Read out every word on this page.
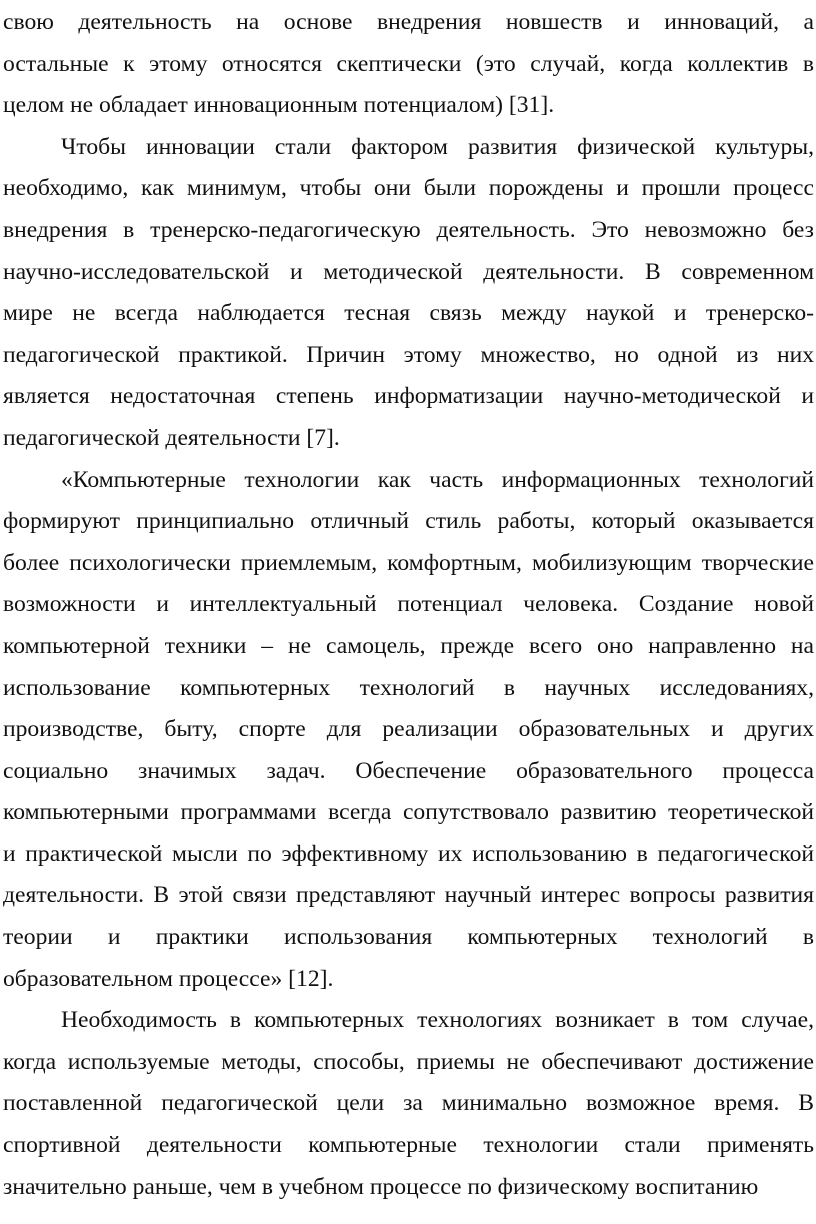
свою деятельность на основе внедрения новшеств и инноваций, а
остальные к этому относятся скептически (это случай, когда коллектив в
целом не обладает инновационным потенциалом) [31].
Чтобы инновации стали фактором развития физической культуры,
необходимо, как минимум, чтобы они были порождены и прошли процесс
внедрения в тренерско-педагогическую деятельность. Это невозможно без
научно-исследовательской и методической деятельности. В современном
мире не всегда наблюдается тесная связь между наукой и тренерско-
педагогической практикой. Причин этому множество, но одной из них
является недостаточная степень информатизации научно-методической и
педагогической деятельности [7].
«Компьютерные технологии как часть информационных технологий
формируют принципиально отличный стиль работы, который оказывается
более психологически приемлемым, комфортным, мобилизующим творческие
возможности и интеллектуальный потенциал человека. Создание новой
компьютерной техники – не самоцель, прежде всего оно направленно на
использование компьютерных технологий в научных исследованиях,
производстве, быту, спорте для реализации образовательных и других
социально значимых задач. Обеспечение образовательного процесса
компьютерными программами всегда сопутствовало развитию теоретической
и практической мысли по эффективному их использованию в педагогической
деятельности. В этой связи представляют научный интерес вопросы развития
теории и практики использования компьютерных технологий в
образовательном процессе» [12].
Необходимость в компьютерных технологиях возникает в том случае,
когда используемые методы, способы, приемы не обеспечивают достижение
поставленной педагогической цели за минимально возможное время. В
спортивной деятельности компьютерные технологии стали применять
значительно раньше, чем в учебном процессе по физическому воспитанию
